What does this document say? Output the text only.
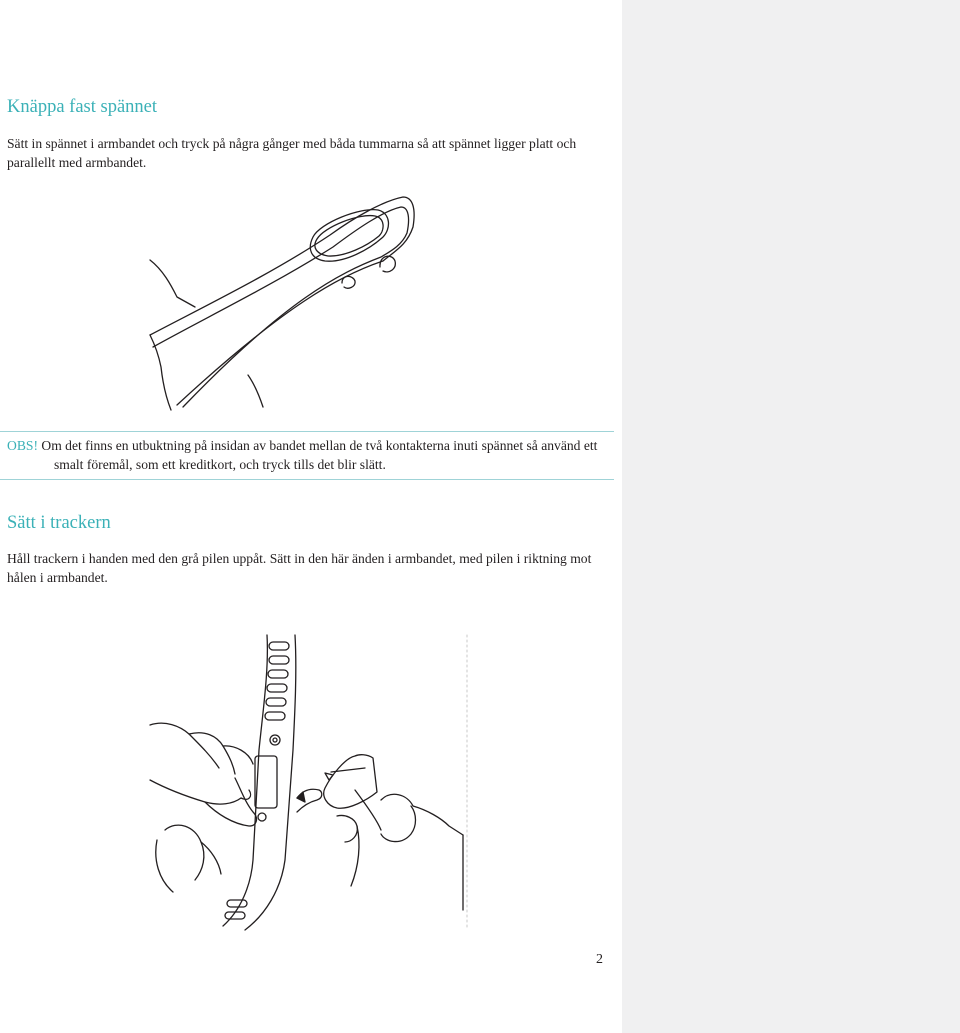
Knäppa fast spännet

Sätt in spännet i armbandet och tryck på några gånger med båda tummarna så att spännet ligger platt och parallellt med armbandet.

OBS! Om det finns en utbuktning på insidan av bandet mellan de två kontakterna inuti spännet så använd ett smalt föremål, som ett kreditkort, och tryck tills det blir slätt.

Sätt i trackern

Håll trackern i handen med den grå pilen uppåt. Sätt in den här änden i armbandet, med pilen i riktning mot hålen i armbandet.

2
